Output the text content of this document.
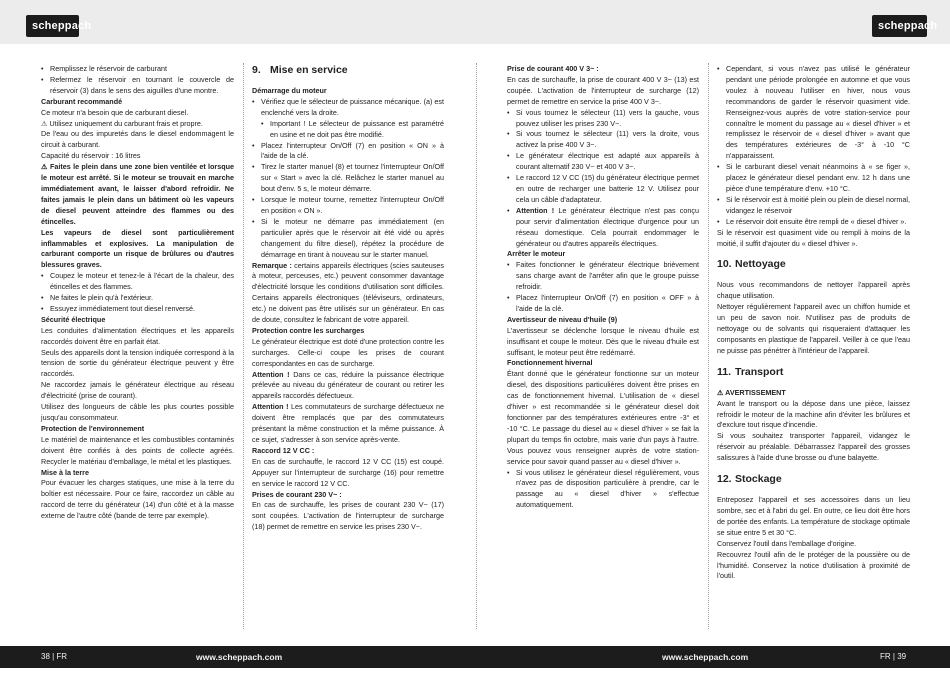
scheppach	scheppach
• Remplissez le réservoir de carburant
• Refermez le réservoir en tournant le couvercle de réservoir (3) dans le sens des aiguilles d'une montre.

Carburant recommandé

Ce moteur n'a besoin que de carburant diesel.

⚠ Utilisez uniquement du carburant frais et propre.

De l'eau ou des impuretés dans le diesel endommagent le circuit à carburant.

Capacité du réservoir : 16 litres

⚠ Faites le plein dans une zone bien ventilée et lorsque le moteur est arrêté. Si le moteur se trouvait en marche immédiatement avant, le laisser d'abord refroidir. Ne faites jamais le plein dans un bâtiment où les vapeurs de diesel peuvent atteindre des flammes ou des étincelles.

Les vapeurs de diesel sont particulièrement inflammables et explosives. La manipulation de carburant comporte un risque de brûlures ou d'autres blessures graves.

• Coupez le moteur et tenez-le à l'écart de la chaleur, des étincelles et des flammes.
• Ne faites le plein qu'à l'extérieur.
• Essuyez immédiatement tout diesel renversé.

Sécurité électrique

Les conduites d'alimentation électriques et les appareils raccordés doivent être en parfait état.

Seuls des appareils dont la tension indiquée correspond à la tension de sortie du générateur électrique peuvent y être raccordés.

Ne raccordez jamais le générateur électrique au réseau d'électricité (prise de courant).

Utilisez des longueurs de câble les plus courtes possible jusqu'au consommateur.

Protection de l'environnement

Le matériel de maintenance et les combustibles contaminés doivent être confiés à des points de collecte agréés. Recycler le matériau d'emballage, le métal et les plastiques.

Mise à la terre

Pour évacuer les charges statiques, une mise à la terre du boîtier est nécessaire. Pour ce faire, raccordez un câble au raccord de terre du générateur (14) d'un côté et à la masse externe de l'autre côté (bande de terre par exemple).

9. Mise en service

Démarrage du moteur

• Vérifiez que le sélecteur de puissance mécanique. (a) est enclenché vers la droite.
• Important ! Le sélecteur de puissance est paramétré en usine et ne doit pas être modifié.
• Placez l'interrupteur On/Off (7) en position « ON » à l'aide de la clé.
• Tirez le starter manuel (8) et tournez l'interrupteur On/Off sur « Start » avec la clé. Relâchez le starter manuel au bout d'env. 5 s, le moteur démarre.
• Lorsque le moteur tourne, remettez l'interrupteur On/Off en position « ON ».
• Si le moteur ne démarre pas immédiatement (en particulier après que le réservoir ait été vidé ou après changement du filtre diesel), répétez la procédure de démarrage en tirant à nouveau sur le starter manuel.

Remarque : certains appareils électriques (scies sauteuses à moteur, perceuses, etc.) peuvent consommer davantage d'électricité lorsque les conditions d'utilisation sont difficiles. Certains appareils électroniques (téléviseurs, ordinateurs, etc.) ne doivent pas être utilisés sur un générateur. En cas de doute, consultez le fabricant de votre appareil.

Protection contre les surcharges

Le générateur électrique est doté d'une protection contre les surcharges. Celle-ci coupe les prises de courant correspondantes en cas de surcharge.

Attention ! Dans ce cas, réduire la puissance électrique prélevée au niveau du générateur de courant ou retirer les appareils raccordés défectueux.

Attention ! Les commutateurs de surcharge défectueux ne doivent être remplacés que par des commutateurs présentant la même construction et la même puissance. À ce sujet, s'adresser à son service après-vente.

Raccord 12 V CC :

En cas de surchauffe, le raccord 12 V CC (15) est coupé. Appuyer sur l'interrupteur de surcharge (16) pour remettre en service le raccord 12 V CC.

Prises de courant 230 V~ :

En cas de surchauffe, les prises de courant 230 V~ (17) sont coupées. L'activation de l'interrupteur de surcharge (18) permet de remettre en service les prises 230 V~.

Prise de courant 400 V 3~ :

En cas de surchauffe, la prise de courant 400 V 3~ (13) est coupée. L'activation de l'interrupteur de surcharge (12) permet de remettre en service la prise 400 V 3~.

• Si vous tournez le sélecteur (11) vers la gauche, vous pouvez utiliser les prises 230 V~.
• Si vous tournez le sélecteur (11) vers la droite, vous activez la prise 400 V 3~.
• Le générateur électrique est adapté aux appareils à courant alternatif 230 V~ et 400 V 3~.
• Le raccord 12 V CC (15) du générateur électrique permet en outre de recharger une batterie 12 V. Utilisez pour cela un câble d'adaptateur.
• Attention ! Le générateur électrique n'est pas conçu pour servir d'alimentation électrique d'urgence pour un réseau domestique. Cela pourrait endommager le générateur ou d'autres appareils électriques.

Arrêter le moteur

• Faites fonctionner le générateur électrique brièvement sans charge avant de l'arrêter afin que le groupe puisse refroidir.
• Placez l'interrupteur On/Off (7) en position « OFF » à l'aide de la clé.

Avertisseur de niveau d'huile (9)

L'avertisseur se déclenche lorsque le niveau d'huile est insuffisant et coupe le moteur. Dès que le niveau d'huile est suffisant, le moteur peut être redémarré.

Fonctionnement hivernal

Étant donné que le générateur fonctionne sur un moteur diesel, des dispositions particulières doivent être prises en cas de fonctionnement hivernal. L'utilisation de « diesel d'hiver » est recommandée si le générateur diesel doit fonctionner par des températures extérieures entre -3° et -10 °C. Le passage du diesel au « diesel d'hiver » se fait la plupart du temps fin octobre, mais varie d'un pays à l'autre. Vous pouvez vous renseigner auprès de votre station-service pour savoir quand passer au « diesel d'hiver ».

• Si vous utilisez le générateur diesel régulièrement, vous n'avez pas de disposition particulière à prendre, car le passage au « diesel d'hiver » s'effectue automatiquement.
• Cependant, si vous n'avez pas utilisé le générateur pendant une période prolongée en automne et que vous voulez à nouveau l'utiliser en hiver, nous vous recommandons de garder le réservoir quasiment vide. Renseignez-vous auprès de votre station-service pour connaître le moment du passage au « diesel d'hiver » et remplissez le réservoir de « diesel d'hiver » avant que des températures extérieures de -3° à -10 °C n'apparaissent.
• Si le carburant diesel venait néanmoins à « se figer », placez le générateur diesel pendant env. 12 h dans une pièce d'une température d'env. +10 °C.
• Si le réservoir est à moitié plein ou plein de diesel normal, vidangez le réservoir
• Le réservoir doit ensuite être rempli de « diesel d'hiver ».

Si le réservoir est quasiment vide ou rempli à moins de la moitié, il suffit d'ajouter du « diesel d'hiver ».

10. Nettoyage

Nous vous recommandons de nettoyer l'appareil après chaque utilisation.

Nettoyer régulièrement l'appareil avec un chiffon humide et un peu de savon noir. N'utilisez pas de produits de nettoyage ou de solvants qui risqueraient d'attaquer les composants en plastique de l'appareil. Veiller à ce que l'eau ne puisse pas pénétrer à l'intérieur de l'appareil.

11. Transport

⚠ AVERTISSEMENT

Avant le transport ou la dépose dans une pièce, laissez refroidir le moteur de la machine afin d'éviter les brûlures et d'exclure tout risque d'incendie.

Si vous souhaitez transporter l'appareil, vidangez le réservoir au préalable. Débarrassez l'appareil des grosses salissures à l'aide d'une brosse ou d'une balayette.

12. Stockage

Entreposez l'appareil et ses accessoires dans un lieu sombre, sec et à l'abri du gel. En outre, ce lieu doit être hors de portée des enfants. La température de stockage optimale se situe entre 5 et 30 °C.

Conservez l'outil dans l'emballage d'origine.

Recouvrez l'outil afin de le protéger de la poussière ou de l'humidité. Conservez la notice d'utilisation à proximité de l'outil.

38 | FR	www.scheppach.com	www.scheppach.com	FR | 39
